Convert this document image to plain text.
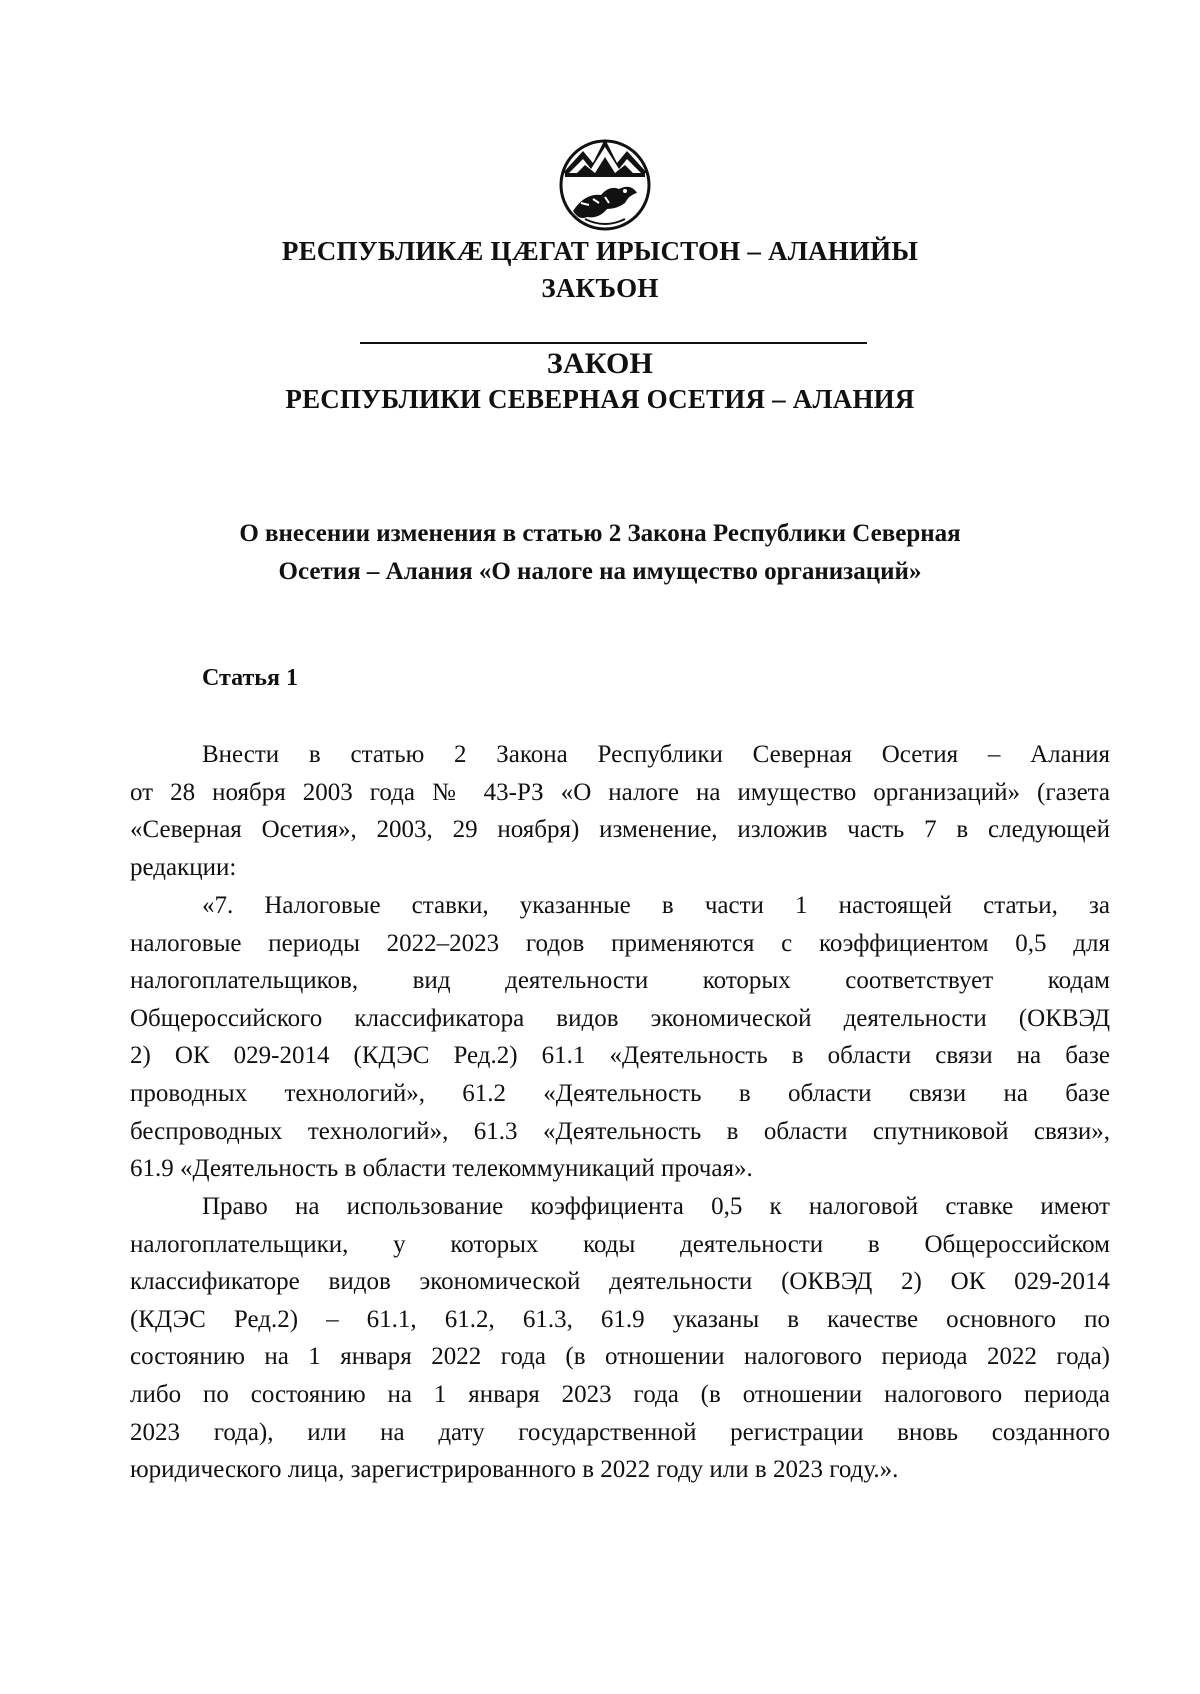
РЕСПУБЛИКӔ ЦӔГАТ ИРЫСТОН – АЛАНИЙЫ
ЗАКЪОН
ЗАКОН
РЕСПУБЛИКИ СЕВЕРНАЯ ОСЕТИЯ – АЛАНИЯ
О внесении изменения в статью 2 Закона Республики Северная
Осетия – Алания «О налоге на имущество организаций»
Статья 1
Внести в статью 2 Закона Республики Северная Осетия – Алания
от 28 ноября 2003 года № 43-РЗ «О налоге на имущество организаций» (газета
«Северная Осетия», 2003, 29 ноября) изменение, изложив часть 7 в следующей
редакции:
«7. Налоговые ставки, указанные в части 1 настоящей статьи, за
налоговые периоды 2022–2023 годов применяются с коэффициентом 0,5 для
налогоплательщиков, вид деятельности которых соответствует кодам
Общероссийского классификатора видов экономической деятельности (ОКВЭД
2) ОК 029-2014 (КДЭС Ред.2) 61.1 «Деятельность в области связи на базе
проводных технологий», 61.2 «Деятельность в области связи на базе
беспроводных технологий», 61.3 «Деятельность в области спутниковой связи»,
61.9 «Деятельность в области телекоммуникаций прочая».
Право на использование коэффициента 0,5 к налоговой ставке имеют
налогоплательщики, у которых коды деятельности в Общероссийском
классификаторе видов экономической деятельности (ОКВЭД 2) ОК 029-2014
(КДЭС Ред.2) – 61.1, 61.2, 61.3, 61.9 указаны в качестве основного по
состоянию на 1 января 2022 года (в отношении налогового периода 2022 года)
либо по состоянию на 1 января 2023 года (в отношении налогового периода
2023 года), или на дату государственной регистрации вновь созданного
юридического лица, зарегистрированного в 2022 году или в 2023 году.».
